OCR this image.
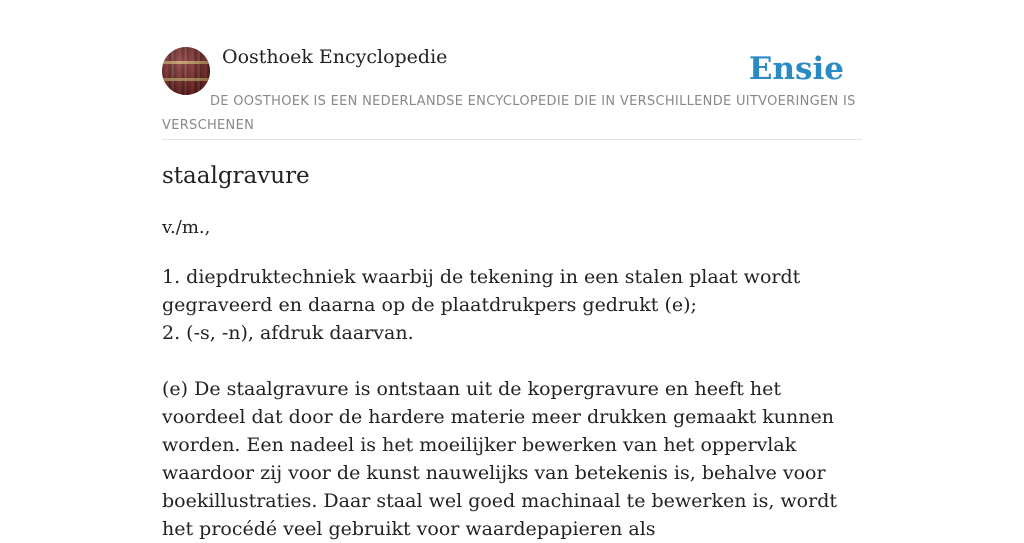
Oosthoek Encyclopedie	Ensie
DE OOSTHOEK IS EEN NEDERLANDSE ENCYCLOPEDIE DIE IN VERSCHILLENDE UITVOERINGEN IS VERSCHENEN
staalgravure
v./m.,

1. diepdruktechniek waarbij de tekening in een stalen plaat wordt gegraveerd en daarna op de plaatdrukpers gedrukt (e);

2. (-s, -n), afdruk daarvan.

(e) De staalgravure is ontstaan uit de kopergravure en heeft het voordeel dat door de hardere materie meer drukken gemaakt kunnen worden. Een nadeel is het moeilijker bewerken van het oppervlak waardoor zij voor de kunst nauwelijks van betekenis is, behalve voor boekillustraties. Daar staal wel goed machinaal te bewerken is, wordt het procédé veel gebruikt voor waardepapieren als
